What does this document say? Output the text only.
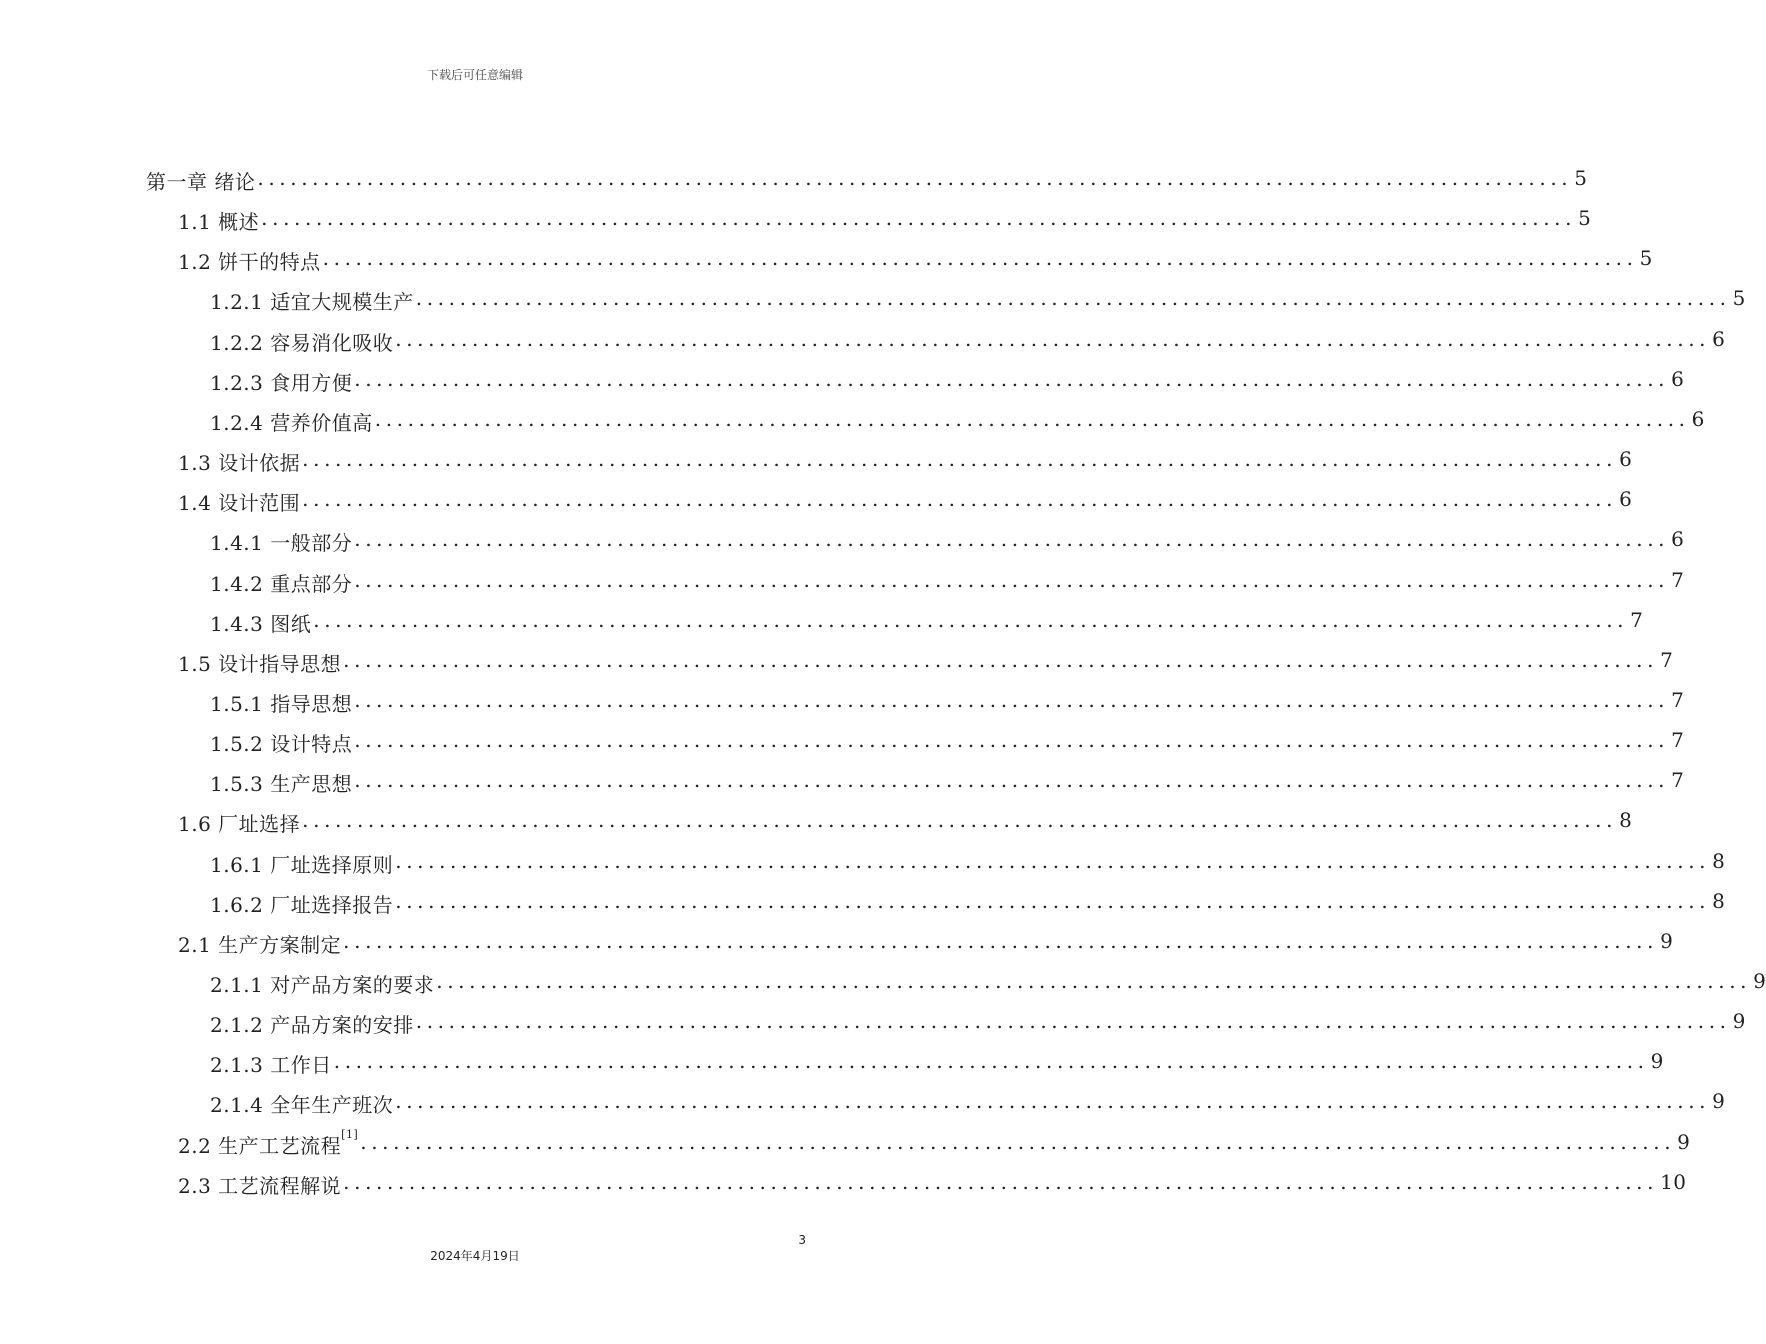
下载后可任意编辑
第一章 绪论 ........................................................................................................................ 5
1.1 概述 ........................................................................................................................ 5
1.2 饼干的特点 ........................................................................................................................ 5
1.2.1 适宜大规模生产 ........................................................................................................................ 5
1.2.2 容易消化吸收 ........................................................................................................................ 6
1.2.3 食用方便 ........................................................................................................................ 6
1.2.4 营养价值高 ........................................................................................................................ 6
1.3 设计依据 ........................................................................................................................ 6
1.4 设计范围 ........................................................................................................................ 6
1.4.1 一般部分 ........................................................................................................................ 6
1.4.2 重点部分 ........................................................................................................................ 7
1.4.3 图纸 ........................................................................................................................ 7
1.5 设计指导思想 ........................................................................................................................ 7
1.5.1 指导思想 ........................................................................................................................ 7
1.5.2 设计特点 ........................................................................................................................ 7
1.5.3 生产思想 ........................................................................................................................ 7
1.6 厂址选择 ........................................................................................................................ 8
1.6.1 厂址选择原则 ........................................................................................................................ 8
1.6.2 厂址选择报告 ........................................................................................................................ 8
2.1 生产方案制定 ........................................................................................................................ 9
2.1.1 对产品方案的要求 ........................................................................................................................ 9
2.1.2 产品方案的安排 ........................................................................................................................ 9
2.1.3 工作日 ........................................................................................................................ 9
2.1.4 全年生产班次 ........................................................................................................................ 9
2.2 生产工艺流程[1] ........................................................................................................................ 9
2.3 工艺流程解说 ........................................................................................................................ 10
3
2024年4月19日
